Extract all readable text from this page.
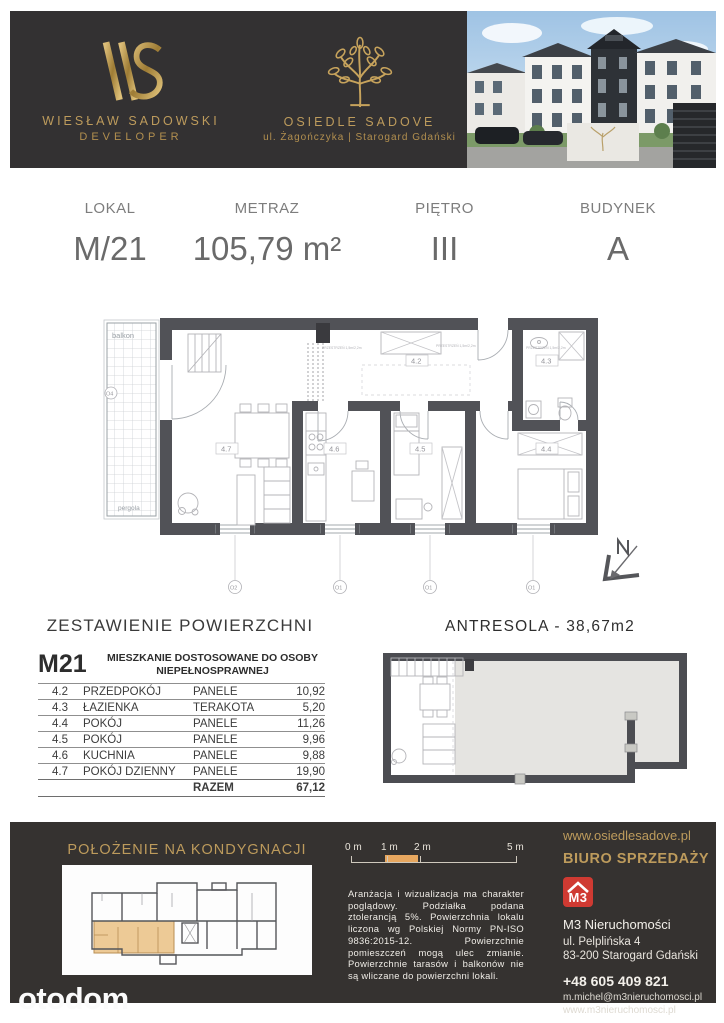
WIESŁAW SADOWSKI
DEVELOPER
OSIEDLE SADOVE
ul. Żagończyka | Starogard Gdański
LOKAL
M/21
METRAZ
105,79 m²
PIĘTRO
III
BUDYNEK
A
balkon
pergola
O4
O2	O1	O1	O1
PRZESTRZEŃ 1,5m/2,2m	PRZESTRZEŃ 1,5m/2,2m	PRZESTRZEŃ 1,5m/2,2m
4.2	4.3
4.4
4.5
4.6
4.7
ZESTAWIENIE POWIERZCHNI	ANTRESOLA - 38,67m2
M21	MIESZKANIE DOSTOSOWANE DO OSOBY NIEPEŁNOSPRAWNEJ
4.2 PRZEDPOKÓJ	PANELE	10,92
4.3 ŁAZIENKA	TERAKOTA	5,20
4.4 POKÓJ	PANELE	11,26
4.5 POKÓJ	PANELE	9,96
4.6 KUCHNIA	PANELE	9,88
4.7 POKÓJ DZIENNY	PANELE	19,90
RAZEM	67,12
POŁOŻENIE NA KONDYGNACJI	0 m 1 m 2 m	5 m
Aranżacja i wizualizacja ma charakter poglądowy. Podziałka podana ztolerancją 5%. Powierzchnia lokalu liczona wg Polskiej Normy PN-ISO 9836:2015-12. Powierzchnie pomieszczeń mogą ulec zmianie. Powierzchnie tarasów i balkonów nie są wliczane do powierzchni lokali.
www.osiedlesadove.pl
BIURO SPRZEDAŻY
M3
M3 Nieruchomości
ul. Pelplińska 4
83-200 Starogard Gdański
+48 605 409 821
m.michel@m3nieruchomosci.pl
www.m3nieruchomosci.pl
otodom
